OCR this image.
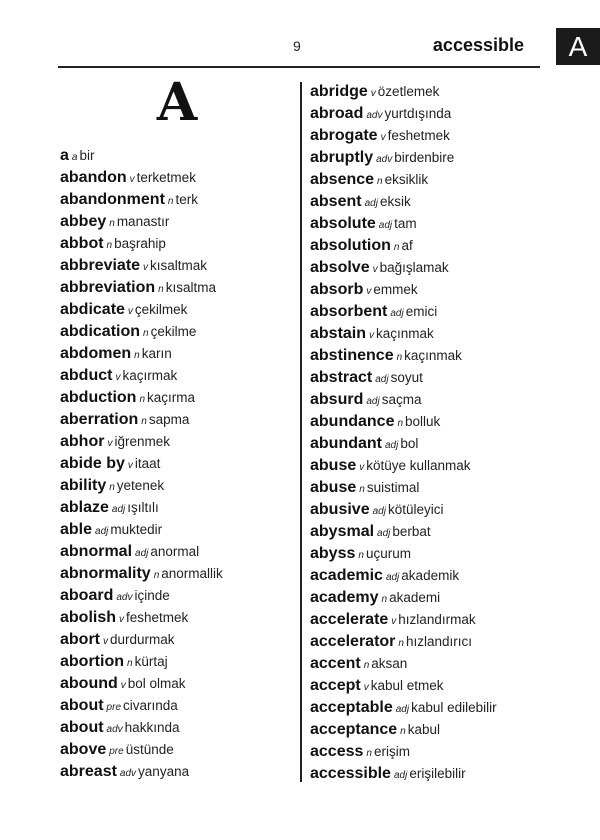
9	accessible	A
A
aa bir
abandon v terketmek
abandonment n terk
abbey n manastır
abbot n başrahip
abbreviate v kısaltmak
abbreviation n kısaltma
abdicate v çekilmek
abdication n çekilme
abdomen n karın
abduct v kaçırmak
abduction n kaçırma
aberration n sapma
abhor v iğrenmek
abide by v itaat
ability n yetenek
ablaze adj ışıltılı
able adj muktedir
abnormal adj anormal
abnormality n anormallik
aboard adv içinde
abolish v feshetmek
abort v durdurmak
abortion n kürtaj
abound v bol olmak
about pre civarında
about adv hakkında
above pre üstünde
abreast adv yanyana
abridge v özetlemek
abroad adv yurtdışında
abrogate v feshetmek
abruptly adv birdenbire
absence n eksiklik
absent adj eksik
absolute adj tam
absolution n af
absolve v bağışlamak
absorb v emmek
absorbent adj emici
abstain v kaçınmak
abstinence n kaçınmak
abstract adj soyut
absurd adj saçma
abundance n bolluk
abundant adj bol
abuse v kötüye kullanmak
abuse n suistimal
abusive adj kötüleyici
abysmal adj berbat
abyss n uçurum
academic adj akademik
academy n akademi
accelerate v hızlandırmak
accelerator n hızlandırıcı
accent n aksan
accept v kabul etmek
acceptable adj kabul edilebilir
acceptance n kabul
access n erişim
accessible adj erişilebilir
